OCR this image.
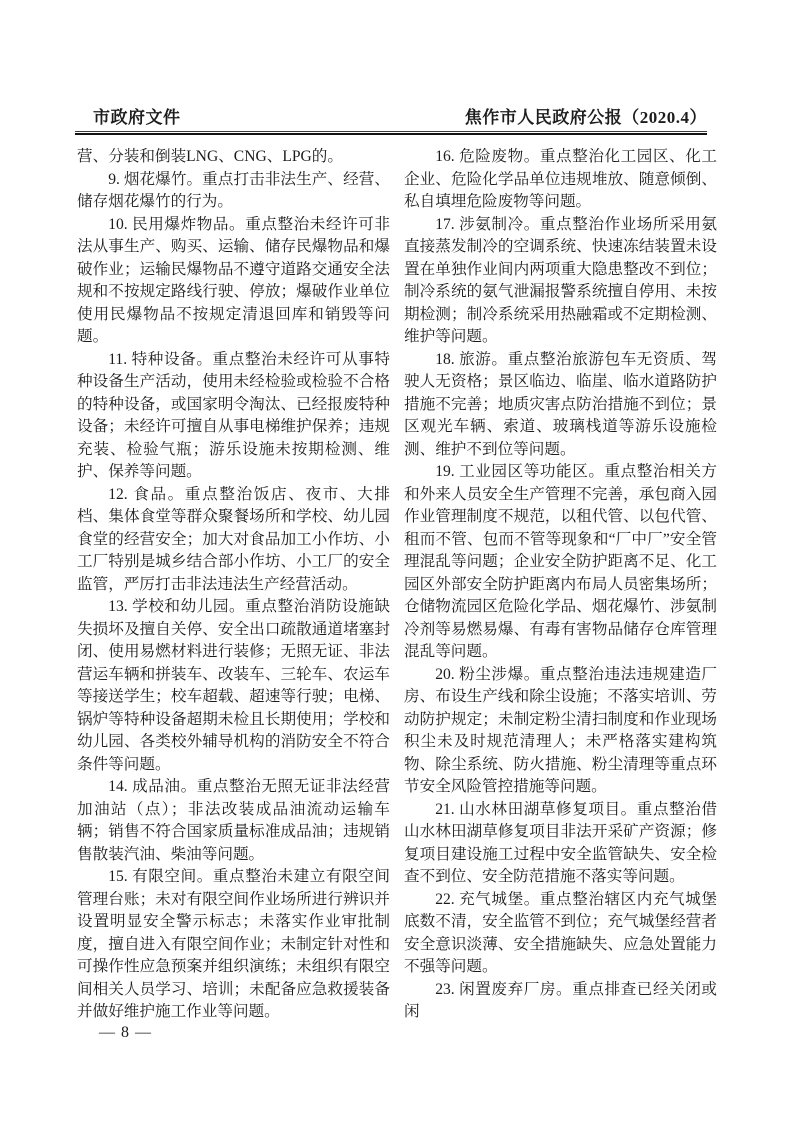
市政府文件	焦作市人民政府公报（2020.4）

营、分装和倒装LNG、CNG、LPG的。

9. 烟花爆竹。重点打击非法生产、经营、储存烟花爆竹的行为。

10. 民用爆炸物品。重点整治未经许可非法从事生产、购买、运输、储存民爆物品和爆破作业；运输民爆物品不遵守道路交通安全法规和不按规定路线行驶、停放；爆破作业单位使用民爆物品不按规定清退回库和销毁等问题。

11. 特种设备。重点整治未经许可从事特种设备生产活动，使用未经检验或检验不合格的特种设备，或国家明令淘汰、已经报废特种设备；未经许可擅自从事电梯维护保养；违规充装、检验气瓶；游乐设施未按期检测、维护、保养等问题。

12. 食品。重点整治饭店、夜市、大排档、集体食堂等群众聚餐场所和学校、幼儿园食堂的经营安全；加大对食品加工小作坊、小工厂特别是城乡结合部小作坊、小工厂的安全监管，严厉打击非法违法生产经营活动。

13. 学校和幼儿园。重点整治消防设施缺失损坏及擅自关停、安全出口疏散通道堵塞封闭、使用易燃材料进行装修；无照无证、非法营运车辆和拼装车、改装车、三轮车、农运车等接送学生；校车超载、超速等行驶；电梯、锅炉等特种设备超期未检且长期使用；学校和幼儿园、各类校外辅导机构的消防安全不符合条件等问题。

14. 成品油。重点整治无照无证非法经营加油站（点）；非法改装成品油流动运输车辆；销售不符合国家质量标准成品油；违规销售散装汽油、柴油等问题。

15. 有限空间。重点整治未建立有限空间管理台账；未对有限空间作业场所进行辨识并设置明显安全警示标志；未落实作业审批制度，擅自进入有限空间作业；未制定针对性和可操作性应急预案并组织演练；未组织有限空间相关人员学习、培训；未配备应急救援装备并做好维护施工作业等问题。

16. 危险废物。重点整治化工园区、化工企业、危险化学品单位违规堆放、随意倾倒、私自填埋危险废物等问题。

17. 涉氨制冷。重点整治作业场所采用氨直接蒸发制冷的空调系统、快速冻结装置未设置在单独作业间内两项重大隐患整改不到位；制冷系统的氨气泄漏报警系统擅自停用、未按期检测；制冷系统采用热融霜或不定期检测、维护等问题。

18. 旅游。重点整治旅游包车无资质、驾驶人无资格；景区临边、临崖、临水道路防护措施不完善；地质灾害点防治措施不到位；景区观光车辆、索道、玻璃栈道等游乐设施检测、维护不到位等问题。

19. 工业园区等功能区。重点整治相关方和外来人员安全生产管理不完善，承包商入园作业管理制度不规范，以租代管、以包代管、租而不管、包而不管等现象和“厂中厂”安全管理混乱等问题；企业安全防护距离不足、化工园区外部安全防护距离内布局人员密集场所；仓储物流园区危险化学品、烟花爆竹、涉氨制冷剂等易燃易爆、有毒有害物品储存仓库管理混乱等问题。

20. 粉尘涉爆。重点整治违法违规建造厂房、布设生产线和除尘设施；不落实培训、劳动防护规定；未制定粉尘清扫制度和作业现场积尘未及时规范清理人；未严格落实建构筑物、除尘系统、防火措施、粉尘清理等重点环节安全风险管控措施等问题。

21. 山水林田湖草修复项目。重点整治借山水林田湖草修复项目非法开采矿产资源；修复项目建设施工过程中安全监管缺失、安全检查不到位、安全防范措施不落实等问题。

22. 充气城堡。重点整治辖区内充气城堡底数不清，安全监管不到位；充气城堡经营者安全意识淡薄、安全措施缺失、应急处置能力不强等问题。

23. 闲置废弃厂房。重点排查已经关闭或闲

— 8 —
